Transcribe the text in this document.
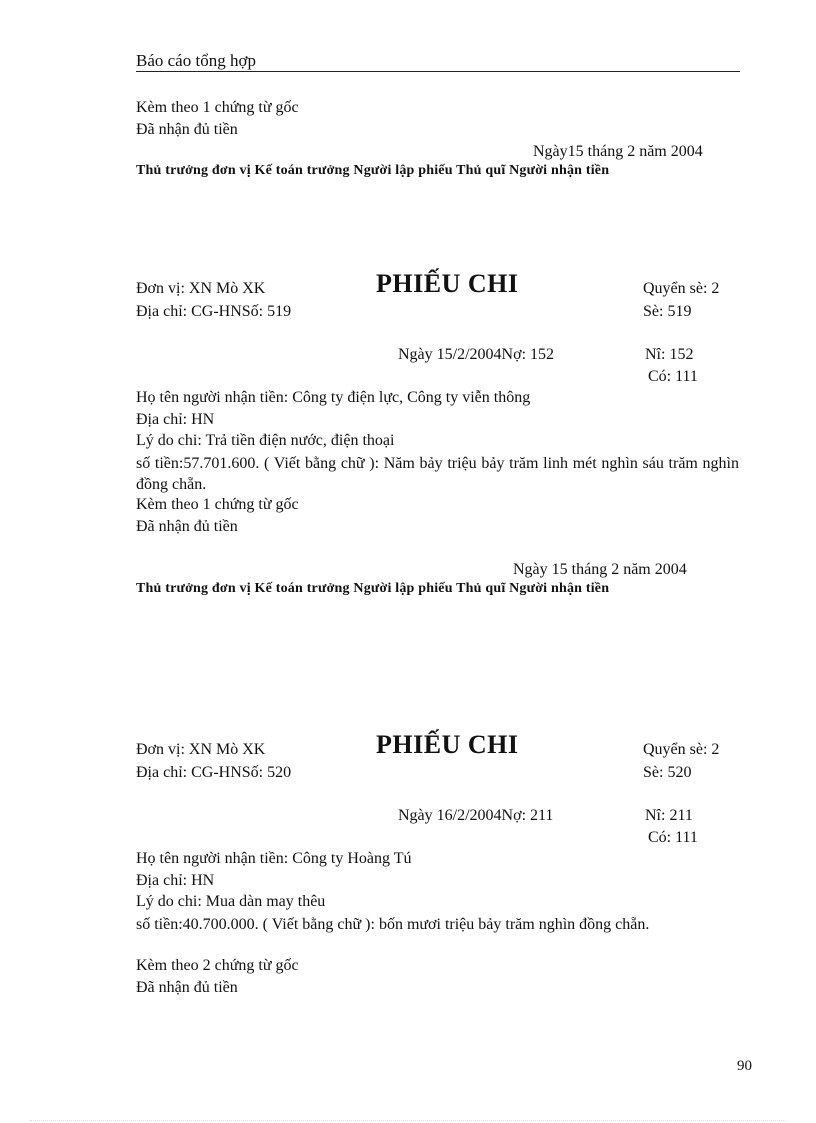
Báo cáo tổng hợp
Kèm theo 1 chứng từ gốc
Đã nhận đủ tiền
Ngày15 tháng 2 năm 2004
Thủ trưởng đơn vị Kế toán trưởng Người lập phiếu Thủ quĩ Người nhận tiền
Đơn vị: XN Mò XK	PHIẾU CHI	Quyển sè: 2
Địa chỉ: CG-HNSố: 519	Sè: 519
Ngày 15/2/2004Nợ: 152	Nî: 152
Có: 111
Họ tên người nhận tiền: Công ty điện lực, Công ty viễn thông
Địa chỉ: HN
Lý do chi: Trả tiền điện nước, điện thoại
số tiền:57.701.600. ( Viết bằng chữ ): Năm bảy triệu bảy trăm linh mét nghìn sáu trăm nghìn đồng chẵn.
Kèm theo 1 chứng từ gốc
Đã nhận đủ tiền
Ngày 15 tháng 2 năm 2004
Thủ trưởng đơn vị Kế toán trưởng Người lập phiếu Thủ quĩ Người nhận tiền
Đơn vị: XN Mò XK	PHIẾU CHI	Quyển sè: 2
Địa chỉ: CG-HNSố: 520	Sè: 520
Ngày 16/2/2004Nợ: 211	Nî: 211
Có: 111
Họ tên người nhận tiền: Công ty Hoàng Tú
Địa chỉ: HN
Lý do chi: Mua dàn may thêu
số tiền:40.700.000. ( Viết bằng chữ ): bốn mươi triệu bảy trăm nghìn đồng chẵn.
Kèm theo 2 chứng từ gốc
Đã nhận đủ tiền
90
